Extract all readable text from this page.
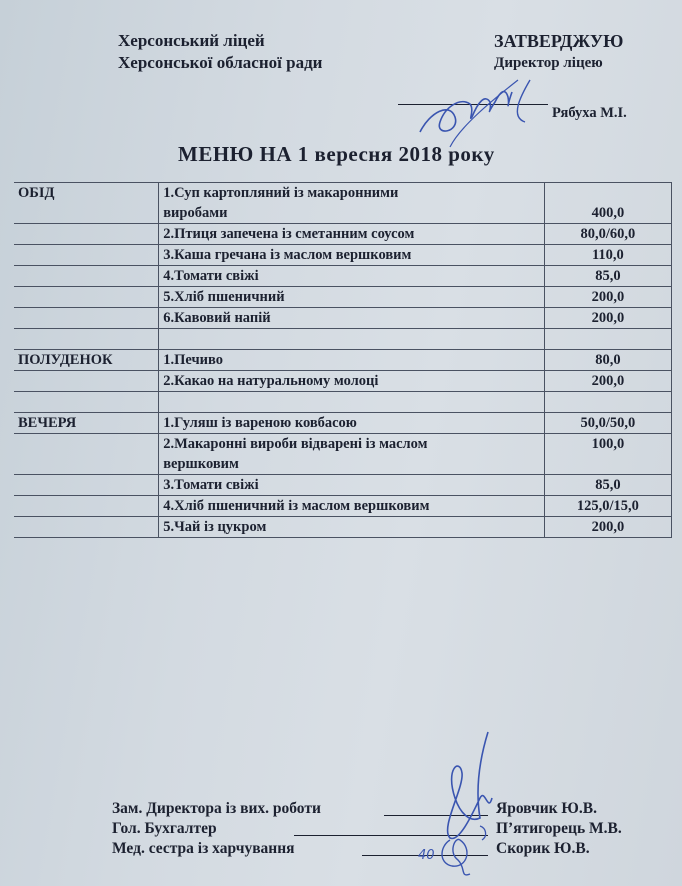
Херсонський ліцей
Херсонської обласної ради
ЗАТВЕРДЖУЮ
Директор ліцею
Рябуха М.І.
МЕНЮ НА 1 вересня 2018 року
ОБІД	1.Суп картопляний із макаронними	
	виробами	400,0
	2.Птиця запечена із сметанним соусом	80,0/60,0
	3.Каша гречана із маслом вершковим	110,0
	4.Томати свіжі	85,0
	5.Хліб пшеничний	200,0
	6.Кавовий напій	200,0

ПОЛУДЕНОК	1.Печиво	80,0
	2.Какао на натуральному молоці	200,0

ВЕЧЕРЯ	1.Гуляш із вареною ковбасою	50,0/50,0
	2.Макаронні вироби відварені із маслом	100,0
	вершковим	
	3.Томати свіжі	85,0
	4.Хліб пшеничний із маслом вершковим	125,0/15,0
	5.Чай із цукром	200,0
Зам. Директора із вих. роботи	Яровчик Ю.В.
Гол. Бухгалтер	П’ятигорець М.В.
Мед. сестра із харчування	Скорик Ю.В.
40
